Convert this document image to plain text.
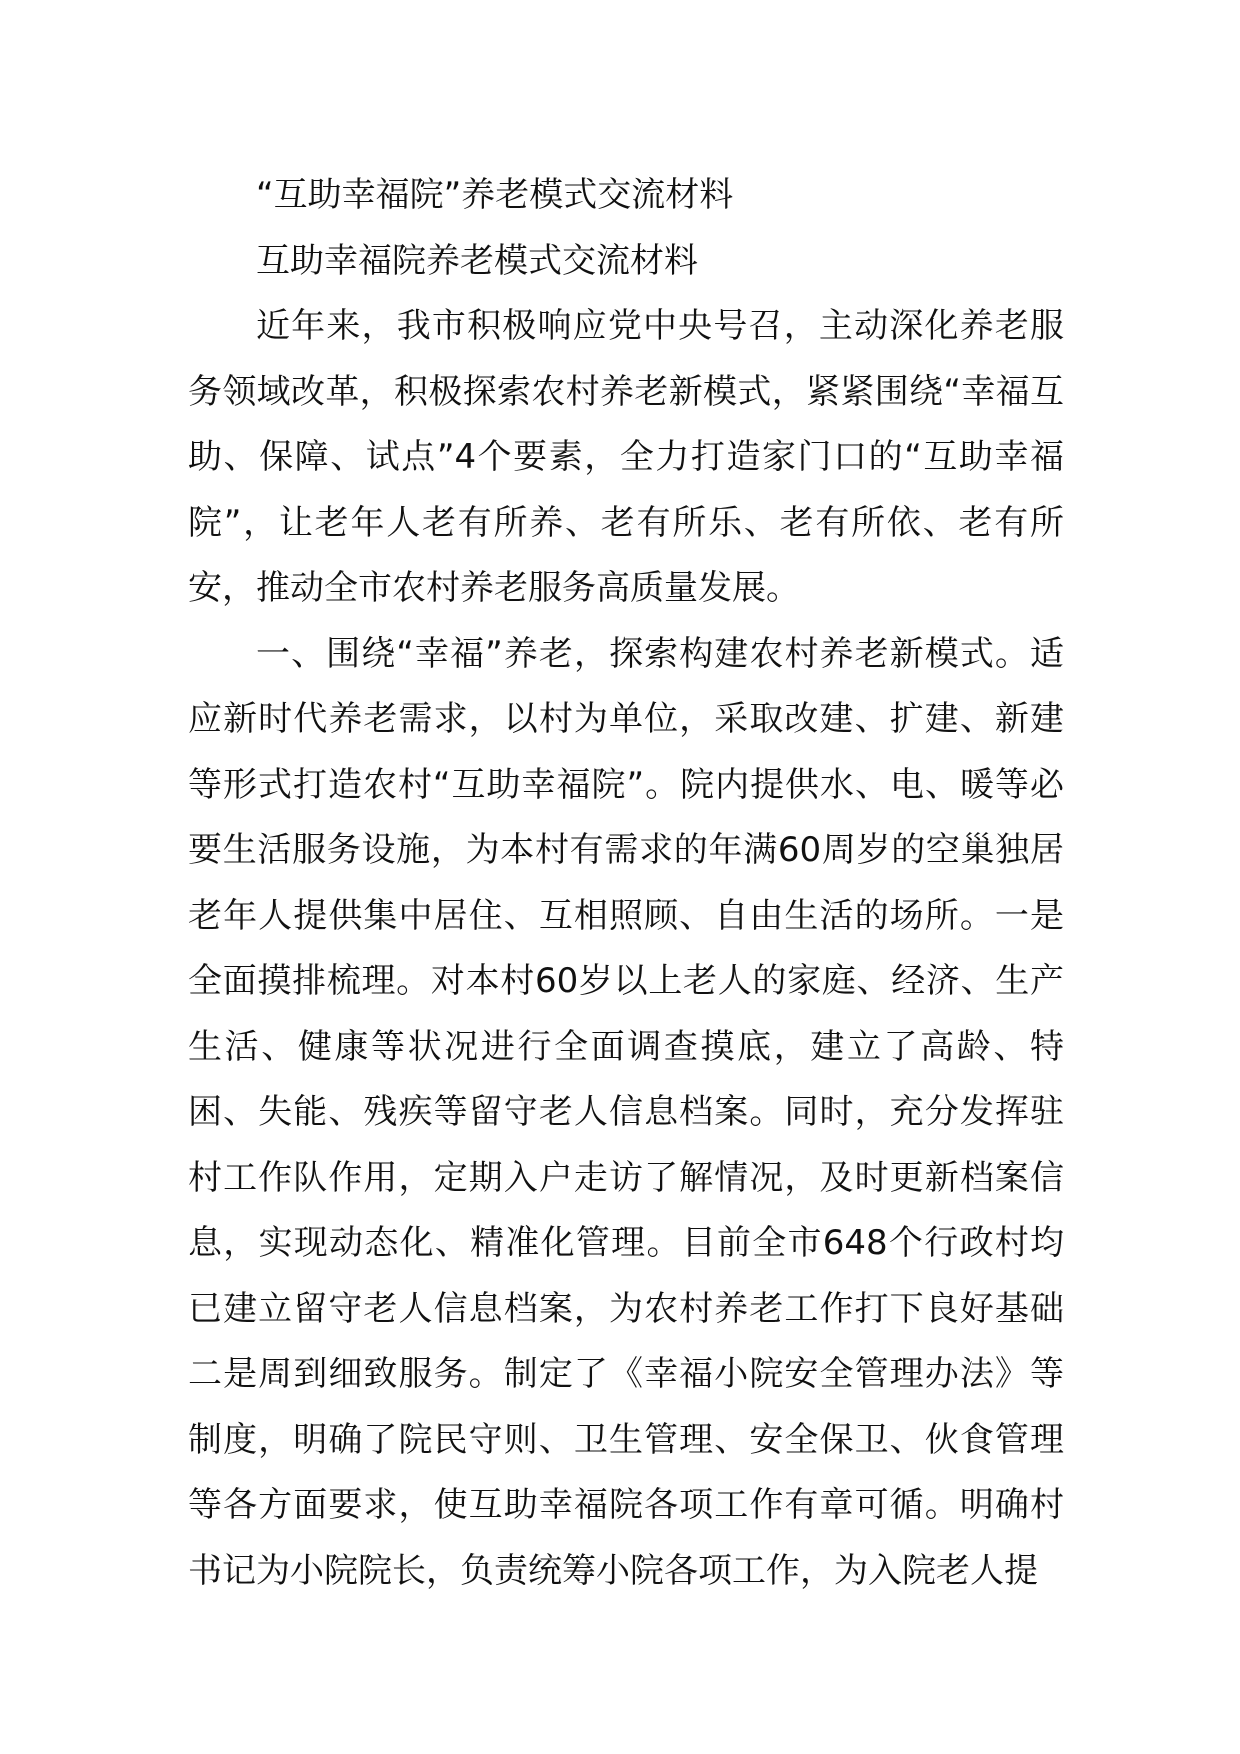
“互助幸福院”养老模式交流材料

互助幸福院养老模式交流材料

近年来，我市积极响应党中央号召，主动深化养老服务领域改革，积极探索农村养老新模式，紧紧围绕“幸福互助、保障、试点”4个要素，全力打造家门口的“互助幸福院”，让老年人老有所养、老有所乐、老有所依、老有所安，推动全市农村养老服务高质量发展。

一、围绕“幸福”养老，探索构建农村养老新模式。适应新时代养老需求，以村为单位，采取改建、扩建、新建等形式打造农村“互助幸福院”。院内提供水、电、暖等必要生活服务设施，为本村有需求的年满60周岁的空巢独居老年人提供集中居住、互相照顾、自由生活的场所。一是全面摸排梳理。对本村60岁以上老人的家庭、经济、生产生活、健康等状况进行全面调查摸底，建立了高龄、特困、失能、残疾等留守老人信息档案。同时，充分发挥驻村工作队作用，定期入户走访了解情况，及时更新档案信息，实现动态化、精准化管理。目前全市648个行政村均已建立留守老人信息档案，为农村养老工作打下良好基础二是周到细致服务。制定了《幸福小院安全管理办法》等制度，明确了院民守则、卫生管理、安全保卫、伙食管理等各方面要求，使互助幸福院各项工作有章可循。明确村书记为小院院长，负责统筹小院各项工作，为入院老人提
